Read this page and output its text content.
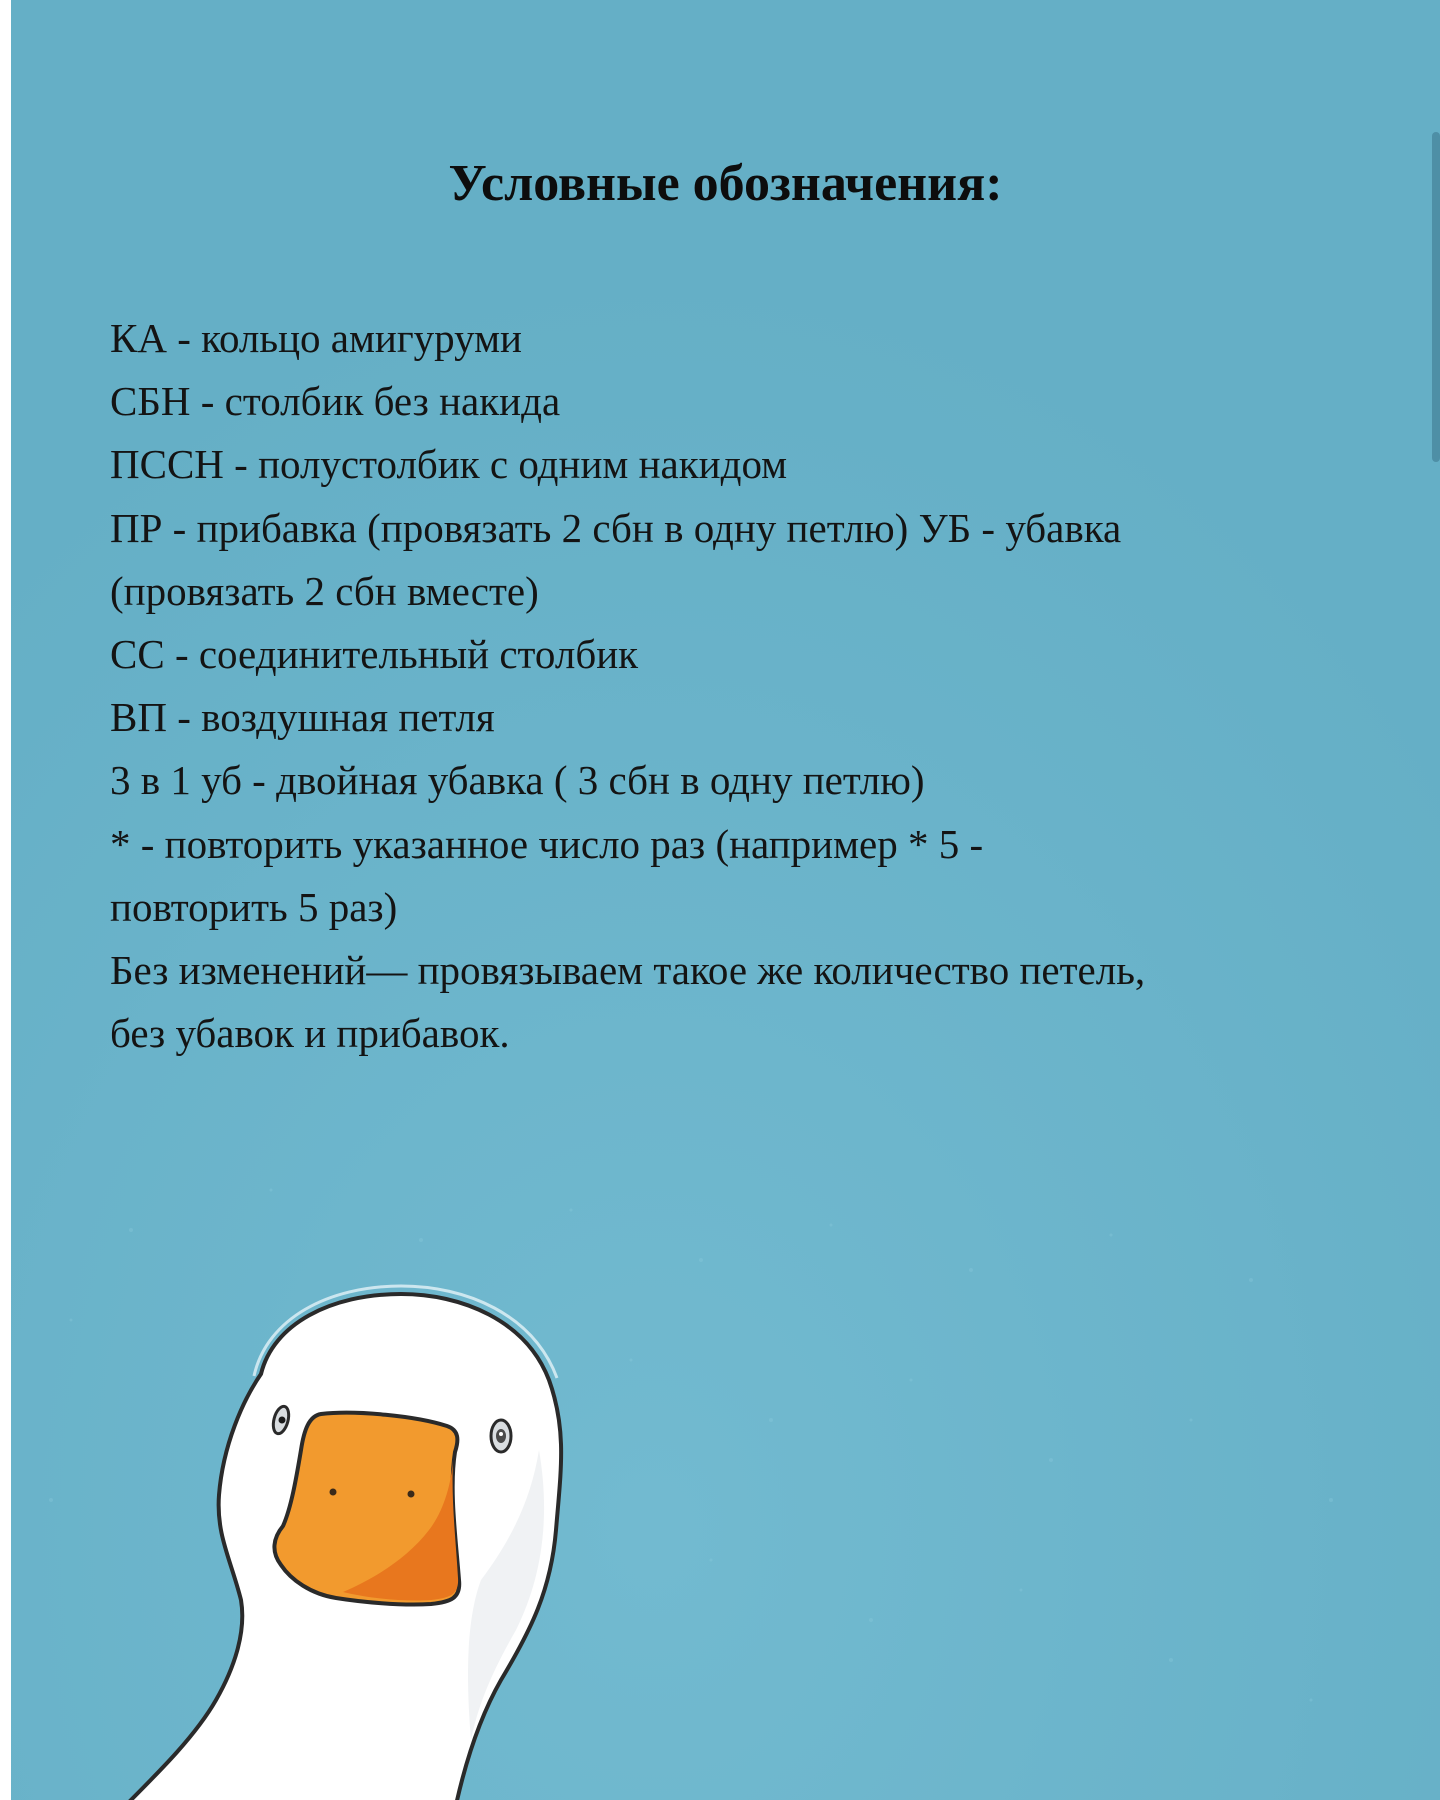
Условные обозначения:

КА - кольцо амигуруми

СБН - столбик без накида

ПССН - полустолбик с одним накидом

ПР - прибавка (провязать 2 сбн в одну петлю) УБ - убавка

(провязать 2 сбн вместе)

СС - соединительный столбик

ВП - воздушная петля

3 в 1 уб - двойная убавка ( 3 сбн в одну петлю)

* - повторить указанное число раз (например * 5 -

повторить 5 раз)

Без изменений— провязываем такое же количество петель,

без убавок и прибавок.
